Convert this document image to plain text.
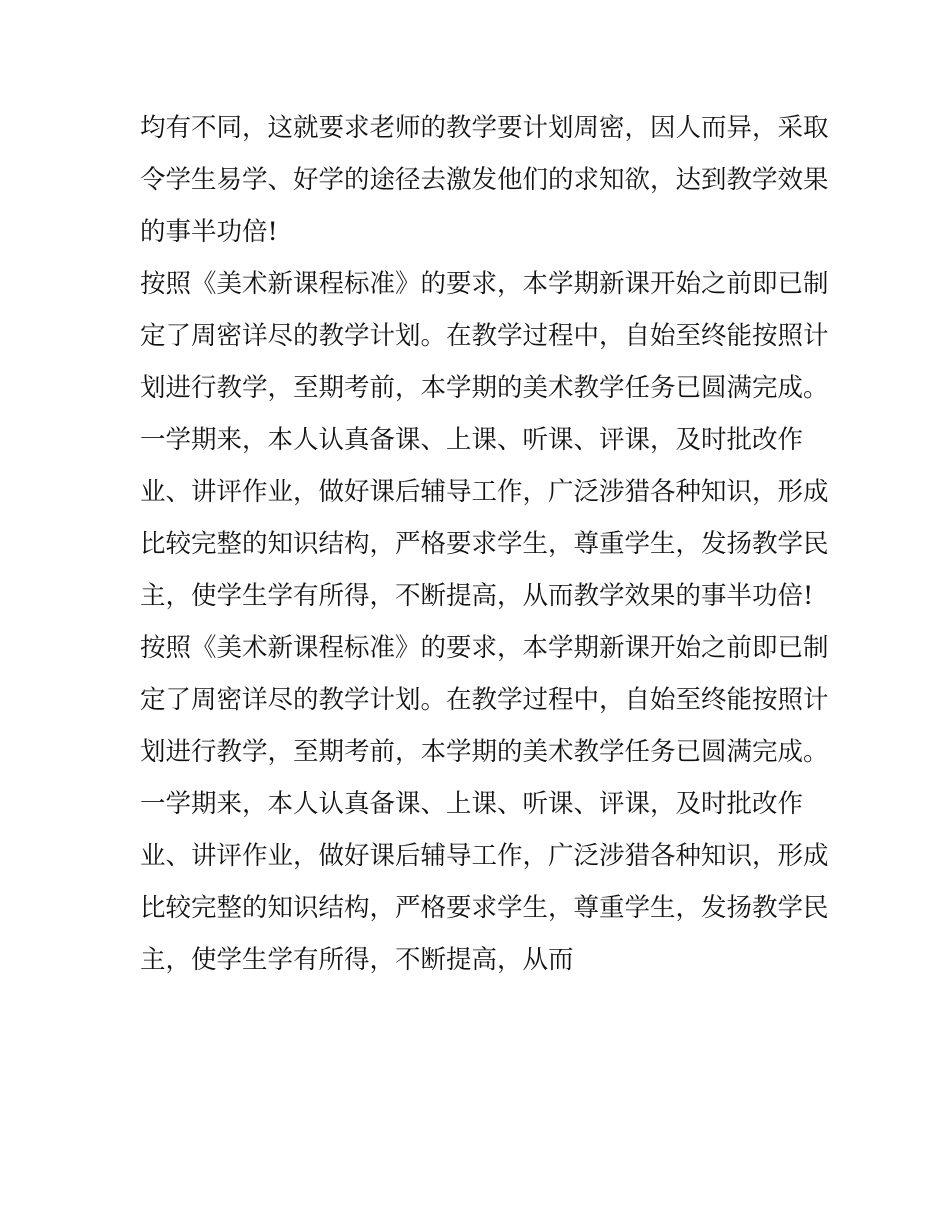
均有不同，这就要求老师的教学要计划周密，因人而异，采取
令学生易学、好学的途径去激发他们的求知欲，达到教学效果
的事半功倍!
按照《美术新课程标准》的要求，本学期新课开始之前即已制
定了周密详尽的教学计划。在教学过程中，自始至终能按照计
划进行教学，至期考前，本学期的美术教学任务已圆满完成。
一学期来，本人认真备课、上课、听课、评课，及时批改作
业、讲评作业，做好课后辅导工作，广泛涉猎各种知识，形成
比较完整的知识结构，严格要求学生，尊重学生，发扬教学民
主，使学生学有所得，不断提高，从而教学效果的事半功倍!
按照《美术新课程标准》的要求，本学期新课开始之前即已制
定了周密详尽的教学计划。在教学过程中，自始至终能按照计
划进行教学，至期考前，本学期的美术教学任务已圆满完成。
一学期来，本人认真备课、上课、听课、评课，及时批改作
业、讲评作业，做好课后辅导工作，广泛涉猎各种知识，形成
比较完整的知识结构，严格要求学生，尊重学生，发扬教学民
主，使学生学有所得，不断提高，从而
